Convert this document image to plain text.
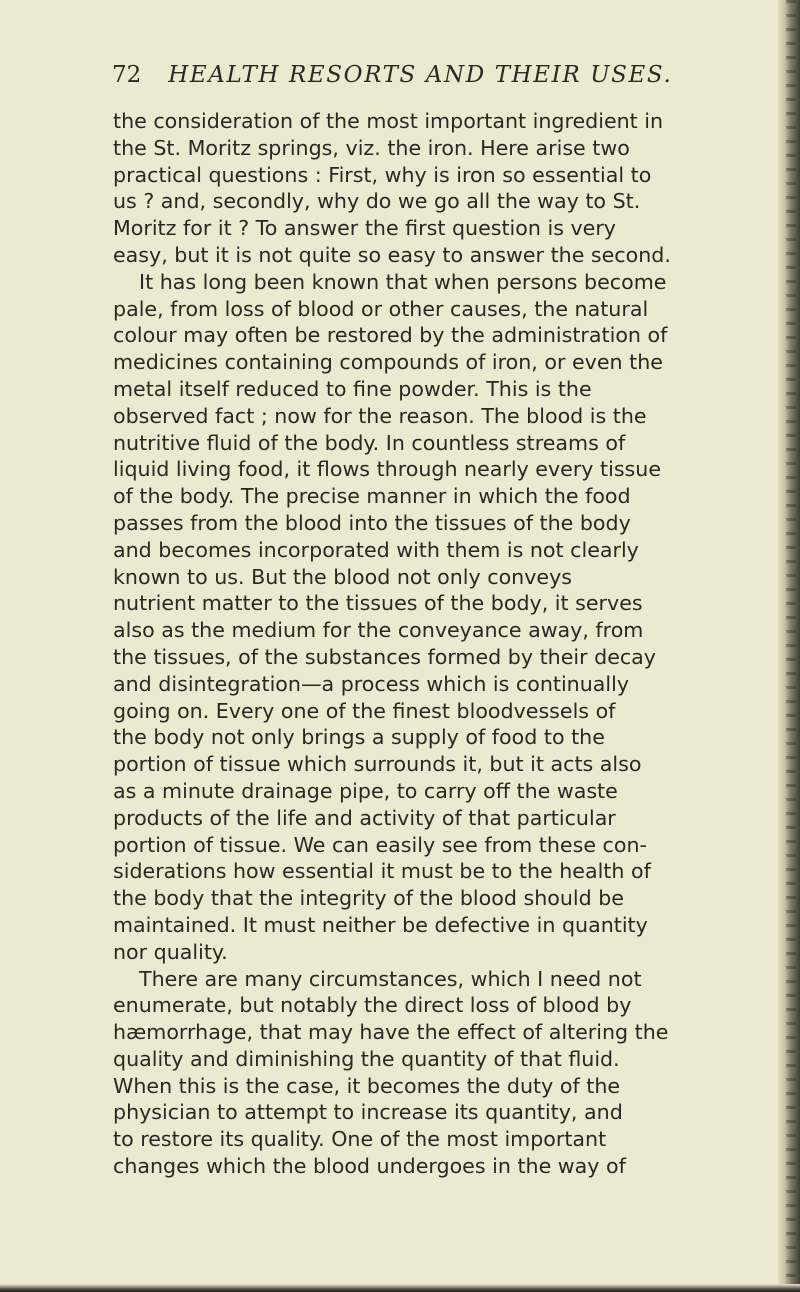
72 HEALTH RESORTS AND THEIR USES.
the consideration of the most important ingredient in
the St. Moritz springs, viz. the iron. Here arise two
practical questions : First, why is iron so essential to
us ? and, secondly, why do we go all the way to St.
Moritz for it ? To answer the first question is very
easy, but it is not quite so easy to answer the second.
It has long been known that when persons become
pale, from loss of blood or other causes, the natural
colour may often be restored by the administration of
medicines containing compounds of iron, or even the
metal itself reduced to fine powder. This is the
observed fact ; now for the reason. The blood is the
nutritive fluid of the body. In countless streams of
liquid living food, it flows through nearly every tissue
of the body. The precise manner in which the food
passes from the blood into the tissues of the body
and becomes incorporated with them is not clearly
known to us. But the blood not only conveys
nutrient matter to the tissues of the body, it serves
also as the medium for the conveyance away, from
the tissues, of the substances formed by their decay
and disintegration—a process which is continually
going on. Every one of the finest bloodvessels of
the body not only brings a supply of food to the
portion of tissue which surrounds it, but it acts also
as a minute drainage pipe, to carry off the waste
products of the life and activity of that particular
portion of tissue. We can easily see from these con-
siderations how essential it must be to the health of
the body that the integrity of the blood should be
maintained. It must neither be defective in quantity
nor quality.
There are many circumstances, which I need not
enumerate, but notably the direct loss of blood by
hæmorrhage, that may have the effect of altering the
quality and diminishing the quantity of that fluid.
When this is the case, it becomes the duty of the
physician to attempt to increase its quantity, and
to restore its quality. One of the most important
changes which the blood undergoes in the way of
